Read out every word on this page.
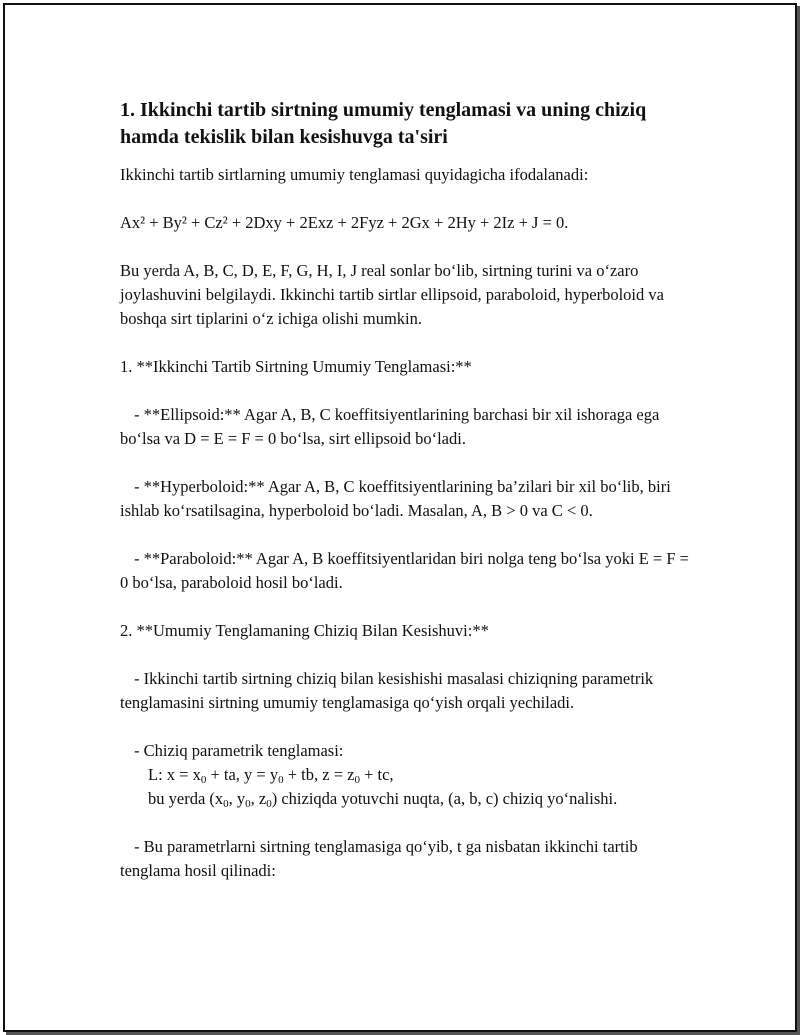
1. Ikkinchi tartib sirtning umumiy tenglamasi va uning chiziq hamda tekislik bilan kesishuvga ta'siri

Ikkinchi tartib sirtlarning umumiy tenglamasi quyidagicha ifodalanadi:

Ax² + By² + Cz² + 2Dxy + 2Exz + 2Fyz + 2Gx + 2Hy + 2Iz + J = 0.

Bu yerda A, B, C, D, E, F, G, H, I, J real sonlar bo‘lib, sirtning turini va o‘zaro joylashuvini belgilaydi. Ikkinchi tartib sirtlar ellipsoid, paraboloid, hyperboloid va boshqa sirt tiplarini o‘z ichiga olishi mumkin.

1. **Ikkinchi Tartib Sirtning Umumiy Tenglamasi:**

- **Ellipsoid:** Agar A, B, C koeffitsiyentlarining barchasi bir xil ishoraga ega bo‘lsa va D = E = F = 0 bo‘lsa, sirt ellipsoid bo‘ladi.

- **Hyperboloid:** Agar A, B, C koeffitsiyentlarining ba’zilari bir xil bo‘lib, biri ishlab ko‘rsatilsagina, hyperboloid bo‘ladi. Masalan, A, B > 0 va C < 0.

- **Paraboloid:** Agar A, B koeffitsiyentlaridan biri nolga teng bo‘lsa yoki E = F = 0 bo‘lsa, paraboloid hosil bo‘ladi.

2. **Umumiy Tenglamaning Chiziq Bilan Kesishuvi:**

- Ikkinchi tartib sirtning chiziq bilan kesishishi masalasi chiziqning parametrik tenglamasini sirtning umumiy tenglamasiga qo‘yish orqali yechiladi.

- Chiziq parametrik tenglamasi:
L: $x = x_0$ + ta, $y = y_0$ + tb, $z = z_0$ + tc,
bu yerda ($x_0$, $y_0$, $z_0$) chiziqda yotuvchi nuqta, (a, b, c) chiziq yo‘nalishi.

- Bu parametrlarni sirtning tenglamasiga qo‘yib, t ga nisbatan ikkinchi tartib tenglama hosil qilinadi:
